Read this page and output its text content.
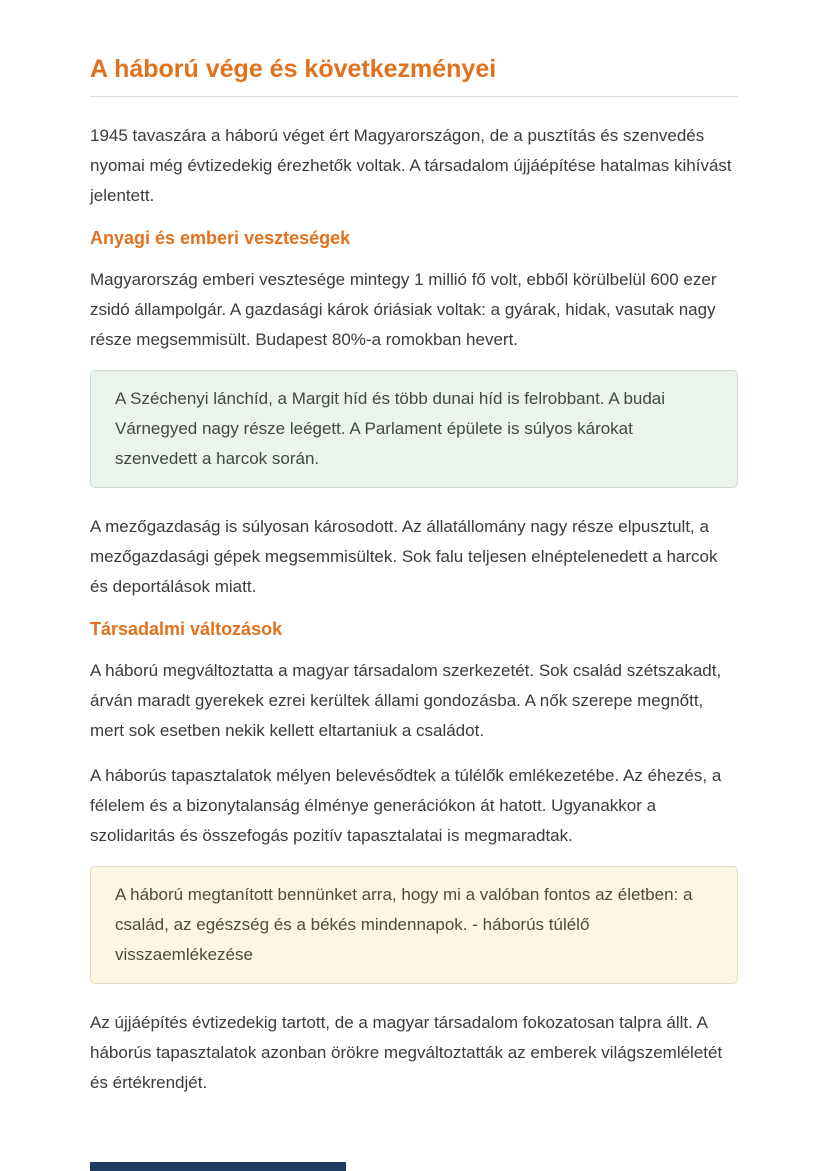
A háború vége és következményei

1945 tavaszára a háború véget ért Magyarországon, de a pusztítás és szenvedés nyomai még évtizedekig érezhetők voltak. A társadalom újjáépítése hatalmas kihívást jelentett.

Anyagi és emberi veszteségek

Magyarország emberi vesztesége mintegy 1 millió fő volt, ebből körülbelül 600 ezer zsidó állampolgár. A gazdasági károk óriásiak voltak: a gyárak, hidak, vasutak nagy része megsemmisült. Budapest 80%-a romokban hevert.

A Széchenyi lánchíd, a Margit híd és több dunai híd is felrobbant. A budai Várnegyed nagy része leégett. A Parlament épülete is súlyos károkat szenvedett a harcok során.

A mezőgazdaság is súlyosan károsodott. Az állatállomány nagy része elpusztult, a mezőgazdasági gépek megsemmisültek. Sok falu teljesen elnéptelenedett a harcok és deportálások miatt.

Társadalmi változások

A háború megváltoztatta a magyar társadalom szerkezetét. Sok család szétszakadt, árván maradt gyerekek ezrei kerültek állami gondozásba. A nők szerepe megnőtt, mert sok esetben nekik kellett eltartaniuk a családot.

A háborús tapasztalatok mélyen belevésődtek a túlélők emlékezetébe. Az éhezés, a félelem és a bizonytalanság élménye generációkon át hatott. Ugyanakkor a szolidaritás és összefogás pozitív tapasztalatai is megmaradtak.

A háború megtanított bennünket arra, hogy mi a valóban fontos az életben: a család, az egészség és a békés mindennapok. - háborús túlélő visszaemlékezése

Az újjáépítés évtizedekig tartott, de a magyar társadalom fokozatosan talpra állt. A háborús tapasztalatok azonban örökre megváltoztatták az emberek világszemléletét és értékrendjét.
